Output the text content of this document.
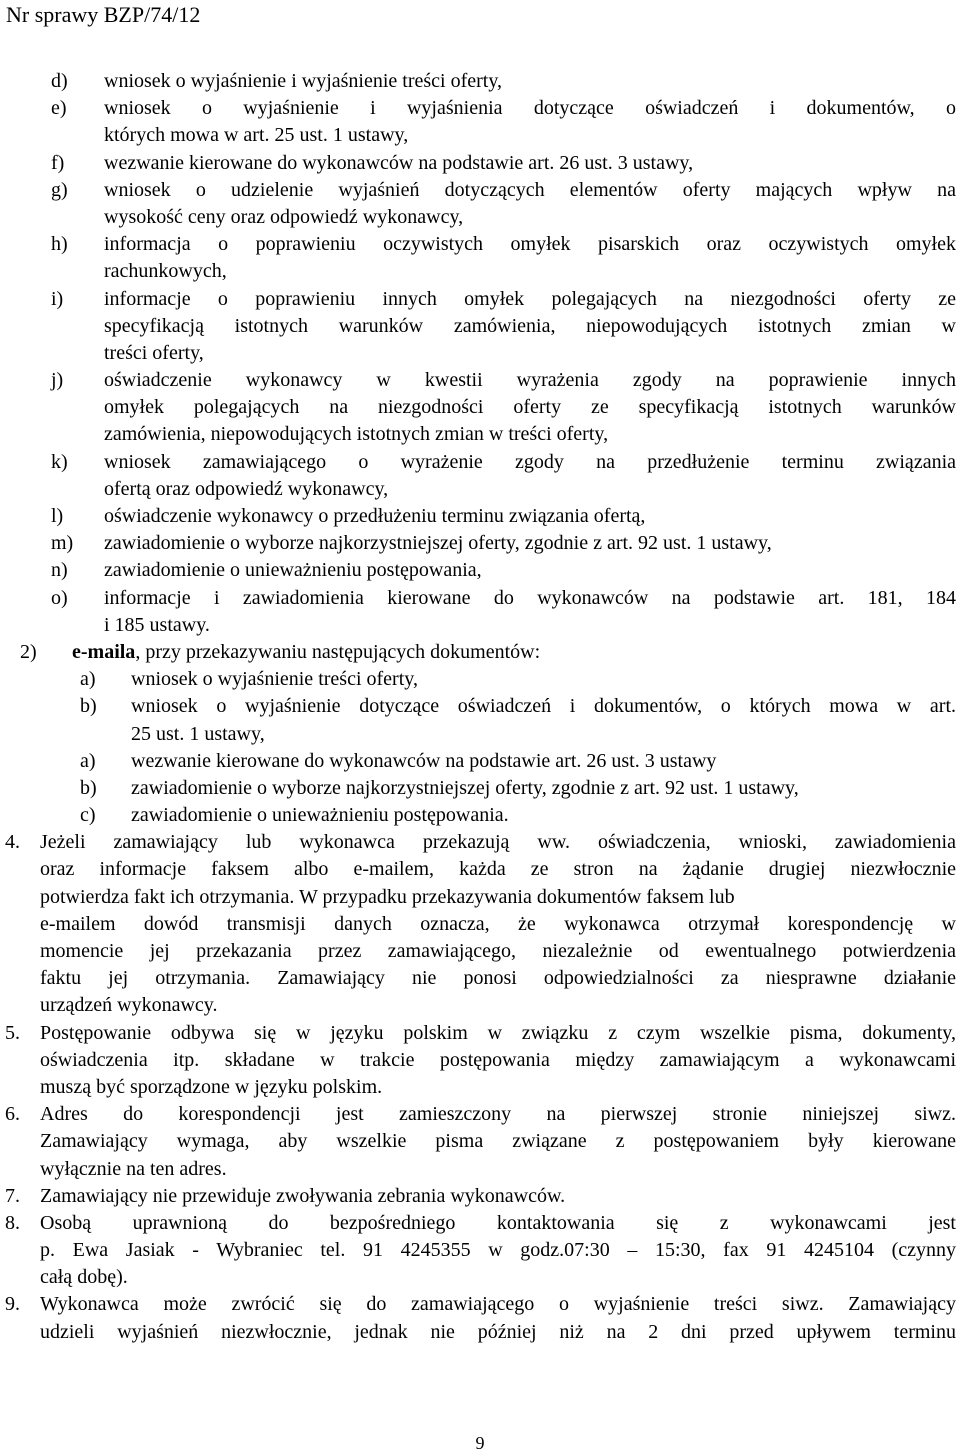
Nr sprawy BZP/74/12
d) wniosek o wyjaśnienie i wyjaśnienie treści oferty,
e) wniosek o wyjaśnienie i wyjaśnienia dotyczące oświadczeń i dokumentów, o
których mowa w art. 25 ust. 1 ustawy,
f) wezwanie kierowane do wykonawców na podstawie art. 26 ust. 3 ustawy,
g) wniosek o udzielenie wyjaśnień dotyczących elementów oferty mających wpływ na
wysokość ceny oraz odpowiedź wykonawcy,
h) informacja o poprawieniu oczywistych omyłek pisarskich oraz oczywistych omyłek
rachunkowych,
i) informacje o poprawieniu innych omyłek polegających na niezgodności oferty ze
specyfikacją istotnych warunków zamówienia, niepowodujących istotnych zmian w
treści oferty,
j) oświadczenie wykonawcy w kwestii wyrażenia zgody na poprawienie innych
omyłek polegających na niezgodności oferty ze specyfikacją istotnych warunków
zamówienia, niepowodujących istotnych zmian w treści oferty,
k) wniosek zamawiającego o wyrażenie zgody na przedłużenie terminu związania
ofertą oraz odpowiedź wykonawcy,
l) oświadczenie wykonawcy o przedłużeniu terminu związania ofertą,
m) zawiadomienie o wyborze najkorzystniejszej oferty, zgodnie z art. 92 ust. 1 ustawy,
n) zawiadomienie o unieważnieniu postępowania,
o) informacje i zawiadomienia kierowane do wykonawców na podstawie art. 181, 184
i 185 ustawy.
2) e-maila, przy przekazywaniu następujących dokumentów:
a) wniosek o wyjaśnienie treści oferty,
b) wniosek o wyjaśnienie dotyczące oświadczeń i dokumentów, o których mowa w art.
25 ust. 1 ustawy,
a) wezwanie kierowane do wykonawców na podstawie art. 26 ust. 3 ustawy
b) zawiadomienie o wyborze najkorzystniejszej oferty, zgodnie z art. 92 ust. 1 ustawy,
c) zawiadomienie o unieważnieniu postępowania.
4. Jeżeli zamawiający lub wykonawca przekazują ww. oświadczenia, wnioski, zawiadomienia
oraz informacje faksem albo e-mailem, każda ze stron na żądanie drugiej niezwłocznie
potwierdza fakt ich otrzymania. W przypadku przekazywania dokumentów faksem lub
e-mailem dowód transmisji danych oznacza, że wykonawca otrzymał korespondencję w
momencie jej przekazania przez zamawiającego, niezależnie od ewentualnego potwierdzenia
faktu jej otrzymania. Zamawiający nie ponosi odpowiedzialności za niesprawne działanie
urządzeń wykonawcy.
5. Postępowanie odbywa się w języku polskim w związku z czym wszelkie pisma, dokumenty,
oświadczenia itp. składane w trakcie postępowania między zamawiającym a wykonawcami
muszą być sporządzone w języku polskim.
6. Adres do korespondencji jest zamieszczony na pierwszej stronie niniejszej siwz.
Zamawiający wymaga, aby wszelkie pisma związane z postępowaniem były kierowane
wyłącznie na ten adres.
7. Zamawiający nie przewiduje zwoływania zebrania wykonawców.
8. Osobą uprawnioną do bezpośredniego kontaktowania się z wykonawcami jest
p. Ewa Jasiak - Wybraniec tel. 91 4245355 w godz.07:30 – 15:30, fax 91 4245104 (czynny
całą dobę).
9. Wykonawca może zwrócić się do zamawiającego o wyjaśnienie treści siwz. Zamawiający
udzieli wyjaśnień niezwłocznie, jednak nie później niż na 2 dni przed upływem terminu
9
